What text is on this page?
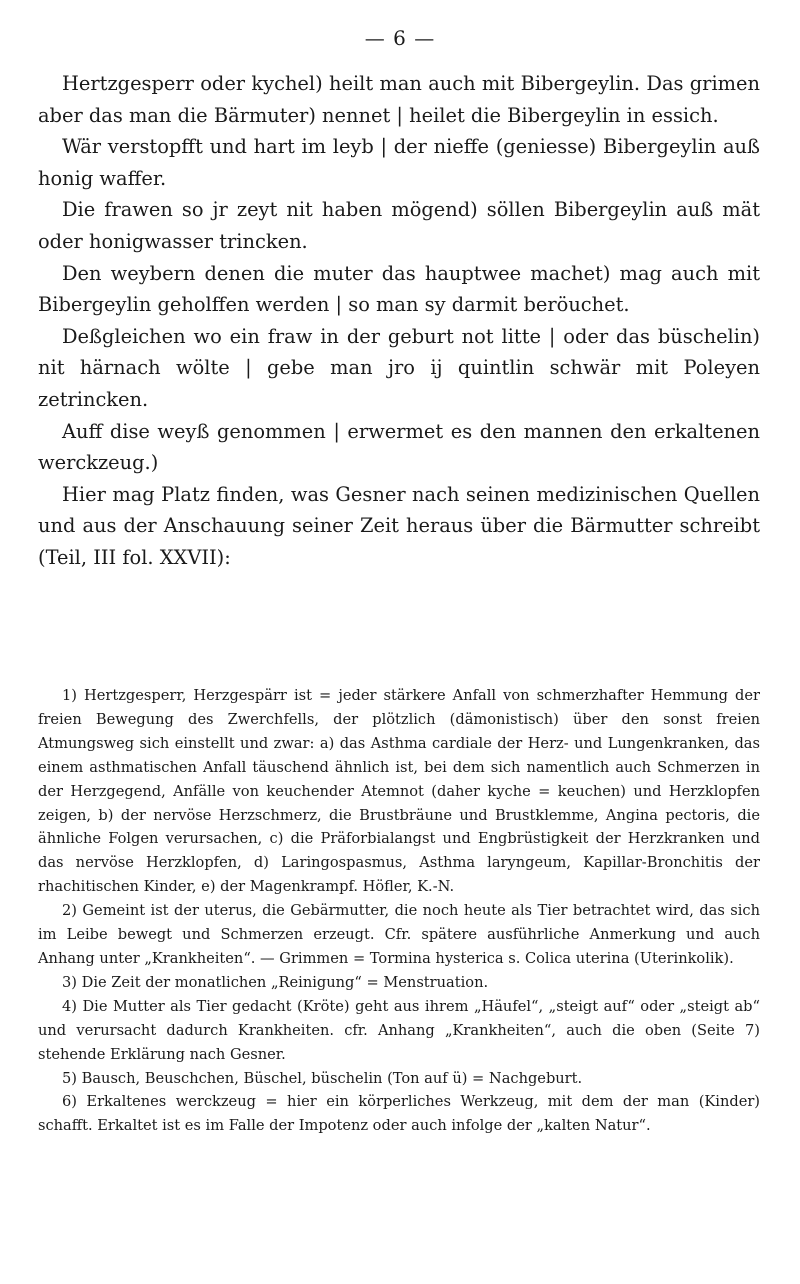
— 6 —

Hertzgesperr oder kychel) heilt man auch mit Bibergeylin. Das grimen aber das man die Bärmuter) nennet | heilet die Bibergeylin in essich.

Wär verstopfft und hart im leyb | der nieffe (geniesse) Bibergeylin auß honig waffer.

Die frawen so jr zeyt nit haben mögend) söllen Bibergeylin auß mät oder honigwasser trincken.

Den weybern denen die muter das hauptwee machet) mag auch mit Bibergeylin geholffen werden | so man sy darmit beröuchet.

Deßgleichen wo ein fraw in der geburt not litte | oder das büschelin) nit härnach wölte | gebe man jro ij quintlin schwär mit Poleyen zetrincken.

Auff dise weyß genommen | erwermet es den mannen den erkaltenen werckzeug.)

Hier mag Platz finden, was Gesner nach seinen medizinischen Quellen und aus der Anschauung seiner Zeit heraus über die Bärmutter schreibt (Teil, III fol. XXVII):

1) Hertzgesperr, Herzgespärr ist = jeder stärkere Anfall von schmerzhafter Hemmung der freien Bewegung des Zwerchfells, der plötzlich (dämonistisch) über den sonst freien Atmungsweg sich einstellt und zwar: a) das Asthma cardiale der Herz- und Lungenkranken, das einem asthmatischen Anfall täuschend ähnlich ist, bei dem sich namentlich auch Schmerzen in der Herzgegend, Anfälle von keuchender Atemnot (daher kyche = keuchen) und Herzklopfen zeigen, b) der nervöse Herzschmerz, die Brustbräune und Brustklemme, Angina pectoris, die ähnliche Folgen verursachen, c) die Präforbialangst und Engbrüstigkeit der Herzkranken und das nervöse Herzklopfen, d) Laringospasmus, Asthma laryngeum, Kapillar-Bronchitis der rhachitischen Kinder, e) der Magenkrampf. Höfler, K.-N.

2) Gemeint ist der uterus, die Gebärmutter, die noch heute als Tier betrachtet wird, das sich im Leibe bewegt und Schmerzen erzeugt. Cfr. spätere ausführliche Anmerkung und auch Anhang unter „Krankheiten“. — Grimmen = Tormina hysterica s. Colica uterina (Uterinkolik).

3) Die Zeit der monatlichen „Reinigung“ = Menstruation.

4) Die Mutter als Tier gedacht (Kröte) geht aus ihrem „Häufel“, „steigt auf“ oder „steigt ab“ und verursacht dadurch Krankheiten. cfr. Anhang „Krankheiten“, auch die oben (Seite 7) stehende Erklärung nach Gesner.

5) Bausch, Beuschchen, Büschel, büschelin (Ton auf ü) = Nachgeburt.

6) Erkaltenes werckzeug = hier ein körperliches Werkzeug, mit dem der man (Kinder) schafft. Erkaltet ist es im Falle der Impotenz oder auch infolge der „kalten Natur“.
